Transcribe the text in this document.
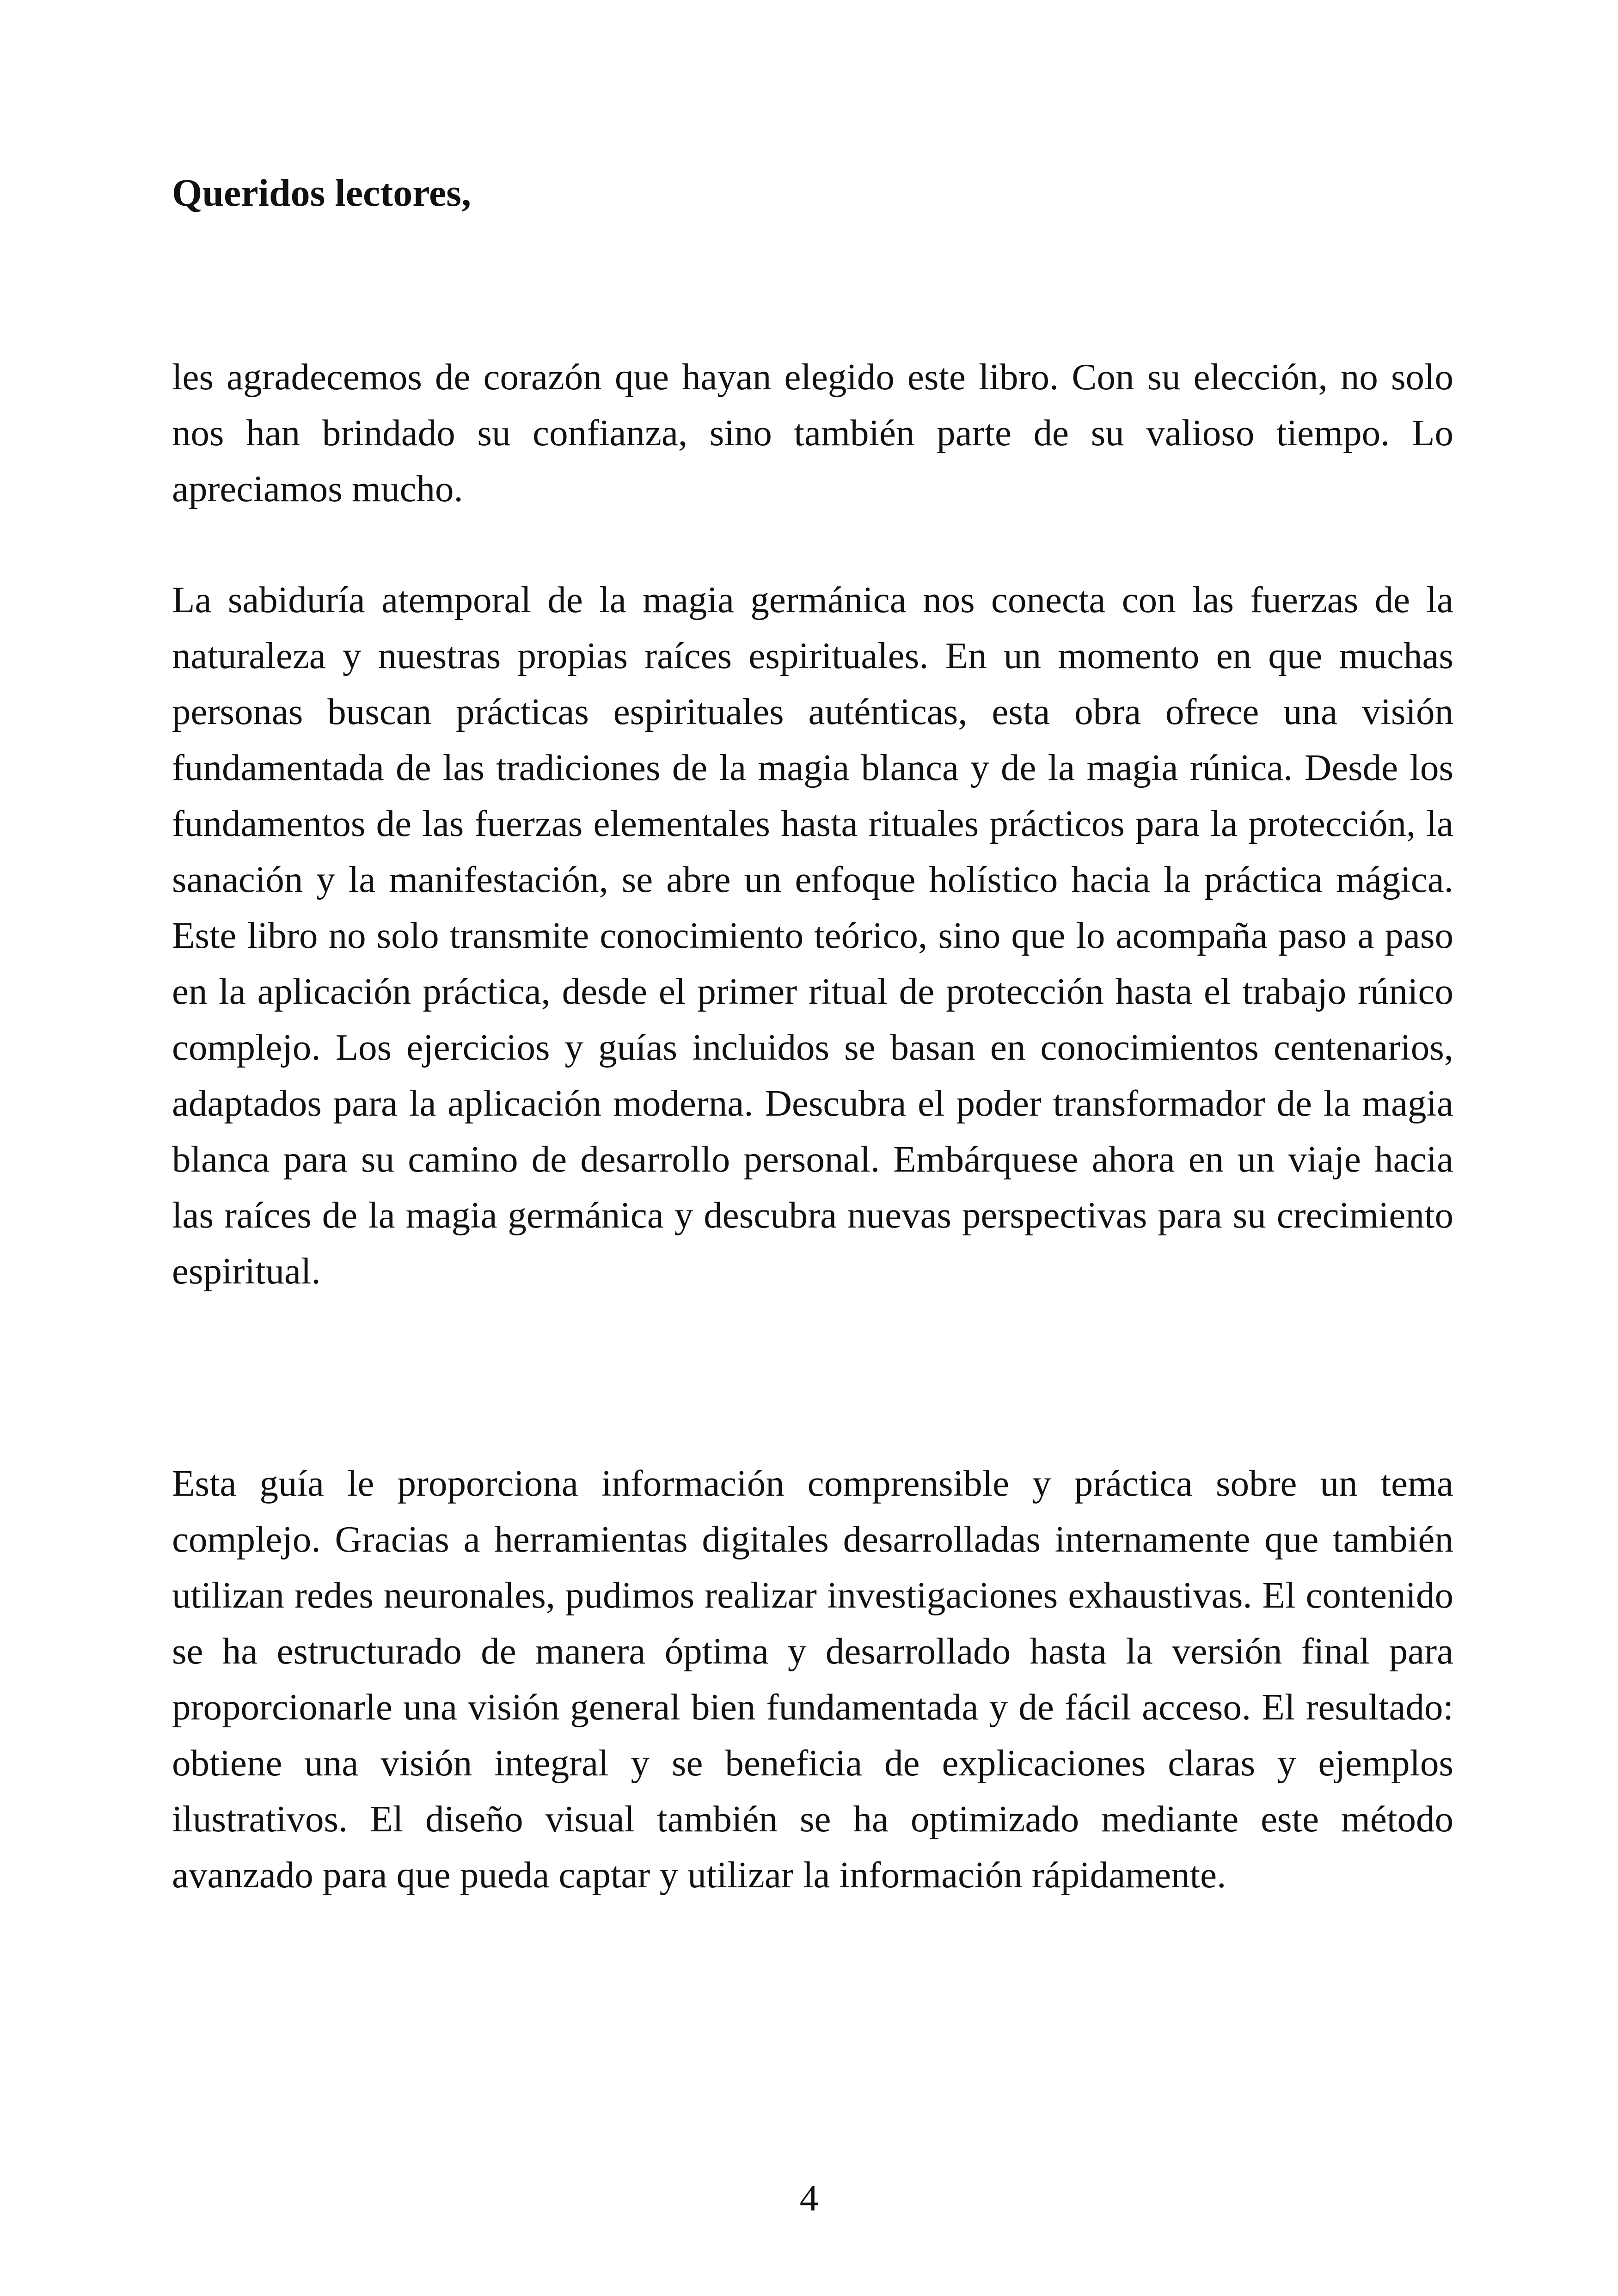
Queridos lectores,

les agradecemos de corazón que hayan elegido este libro. Con su elección, no solo nos han brindado su confianza, sino también parte de su valioso tiempo. Lo apreciamos mucho.

La sabiduría atemporal de la magia germánica nos conecta con las fuerzas de la naturaleza y nuestras propias raíces espirituales. En un momento en que muchas personas buscan prácticas espirituales auténticas, esta obra ofrece una visión fundamentada de las tradiciones de la magia blanca y de la magia rúnica. Desde los fundamentos de las fuerzas elementales hasta rituales prácticos para la protección, la sanación y la manifestación, se abre un enfoque holístico hacia la práctica mágica. Este libro no solo transmite conocimiento teórico, sino que lo acompaña paso a paso en la aplicación práctica, desde el primer ritual de protección hasta el trabajo rúnico complejo. Los ejercicios y guías incluidos se basan en conocimientos centenarios, adaptados para la aplicación moderna. Descubra el poder transformador de la magia blanca para su camino de desarrollo personal. Embárquese ahora en un viaje hacia las raíces de la magia germánica y descubra nuevas perspectivas para su crecimiento espiritual.

Esta guía le proporciona información comprensible y práctica sobre un tema complejo. Gracias a herramientas digitales desarrolladas internamente que también utilizan redes neuronales, pudimos realizar investigaciones exhaustivas. El contenido se ha estructurado de manera óptima y desarrollado hasta la versión final para proporcionarle una visión general bien fundamentada y de fácil acceso. El resultado: obtiene una visión integral y se beneficia de explicaciones claras y ejemplos ilustrativos. El diseño visual también se ha optimizado mediante este método avanzado para que pueda captar y utilizar la información rápidamente.

4
